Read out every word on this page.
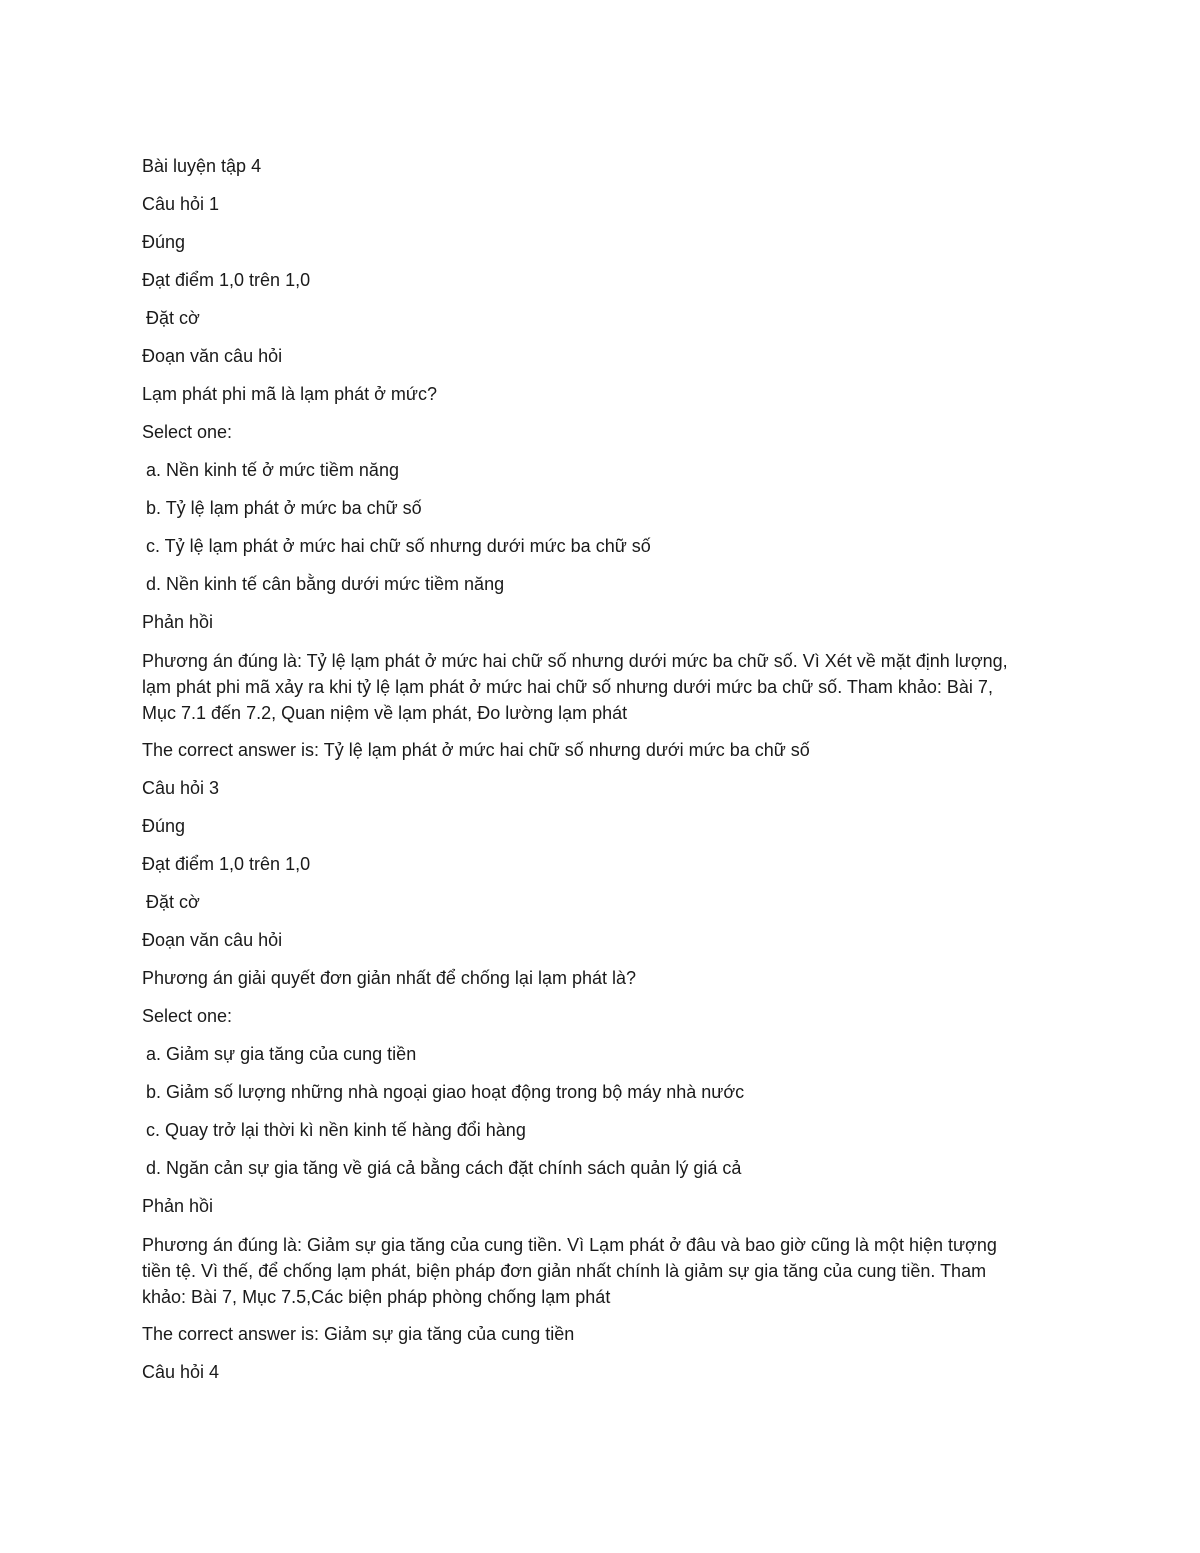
Bài luyện tập 4
Câu hỏi 1
Đúng
Đạt điểm 1,0 trên 1,0
Đặt cờ
Đoạn văn câu hỏi
Lạm phát phi mã là lạm phát ở mức?
Select one:
a. Nền kinh tế ở mức tiềm năng
b. Tỷ lệ lạm phát ở mức ba chữ số
c. Tỷ lệ lạm phát ở mức hai chữ số nhưng dưới mức ba chữ số
d. Nền kinh tế cân bằng dưới mức tiềm năng
Phản hồi
Phương án đúng là: Tỷ lệ lạm phát ở mức hai chữ số nhưng dưới mức ba chữ số. Vì Xét về mặt định lượng, lạm phát phi mã xảy ra khi tỷ lệ lạm phát ở mức hai chữ số nhưng dưới mức ba chữ số. Tham khảo: Bài 7, Mục 7.1 đến 7.2, Quan niệm về lạm phát, Đo lường lạm phát
The correct answer is: Tỷ lệ lạm phát ở mức hai chữ số nhưng dưới mức ba chữ số
Câu hỏi 3
Đúng
Đạt điểm 1,0 trên 1,0
Đặt cờ
Đoạn văn câu hỏi
Phương án giải quyết đơn giản nhất để chống lại lạm phát là?
Select one:
a. Giảm sự gia tăng của cung tiền
b. Giảm số lượng những nhà ngoại giao hoạt động trong bộ máy nhà nước
c. Quay trở lại thời kì nền kinh tế hàng đổi hàng
d. Ngăn cản sự gia tăng về giá cả bằng cách đặt chính sách quản lý giá cả
Phản hồi
Phương án đúng là: Giảm sự gia tăng của cung tiền. Vì Lạm phát ở đâu và bao giờ cũng là một hiện tượng tiền tệ. Vì thế, để chống lạm phát, biện pháp đơn giản nhất chính là giảm sự gia tăng của cung tiền. Tham khảo: Bài 7, Mục 7.5,Các biện pháp phòng chống lạm phát
The correct answer is: Giảm sự gia tăng của cung tiền
Câu hỏi 4
